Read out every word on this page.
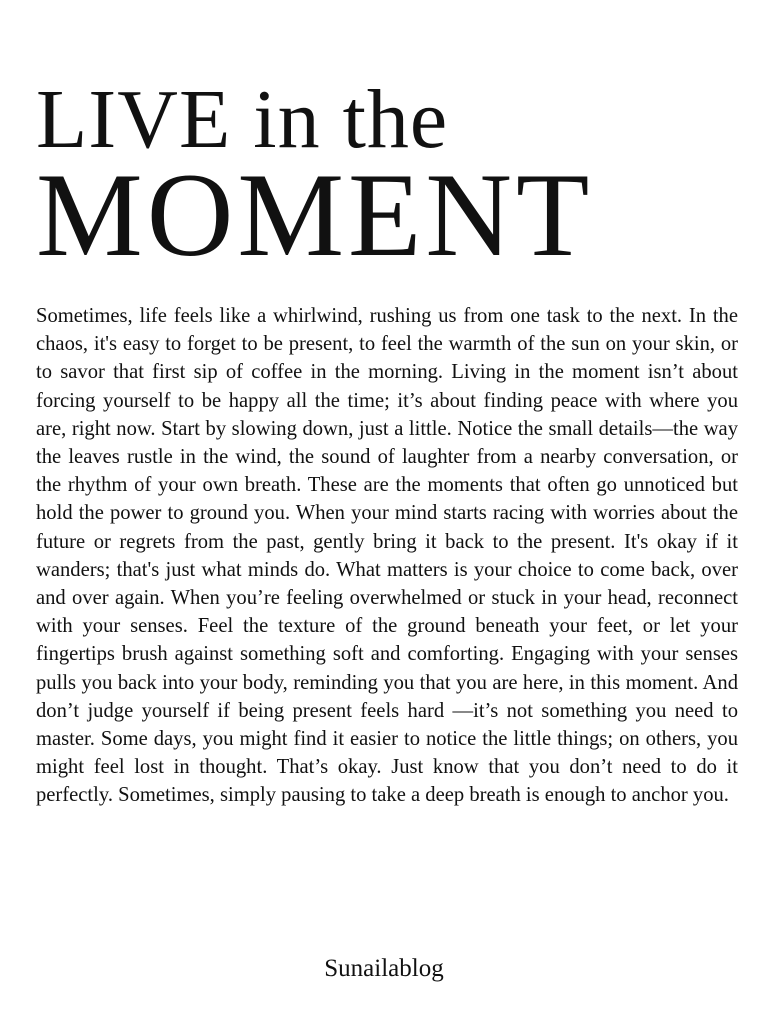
LIVE in the
MOMENT

Sometimes, life feels like a whirlwind, rushing us from one task to the next. In the chaos, it's easy to forget to be present, to feel the warmth of the sun on your skin, or to savor that first sip of coffee in the morning. Living in the moment isn’t about forcing yourself to be happy all the time; it’s about finding peace with where you are, right now. Start by slowing down, just a little. Notice the small details—the way the leaves rustle in the wind, the sound of laughter from a nearby conversation, or the rhythm of your own breath. These are the moments that often go unnoticed but hold the power to ground you. When your mind starts racing with worries about the future or regrets from the past, gently bring it back to the present. It's okay if it wanders; that's just what minds do. What matters is your choice to come back, over and over again. When you’re feeling overwhelmed or stuck in your head, reconnect with your senses. Feel the texture of the ground beneath your feet, or let your fingertips brush against something soft and comforting. Engaging with your senses pulls you back into your body, reminding you that you are here, in this moment. And don’t judge yourself if being present feels hard —it’s not something you need to master. Some days, you might find it easier to notice the little things; on others, you might feel lost in thought. That’s okay. Just know that you don’t need to do it perfectly. Sometimes, simply pausing to take a deep breath is enough to anchor you.

Sunailablog
